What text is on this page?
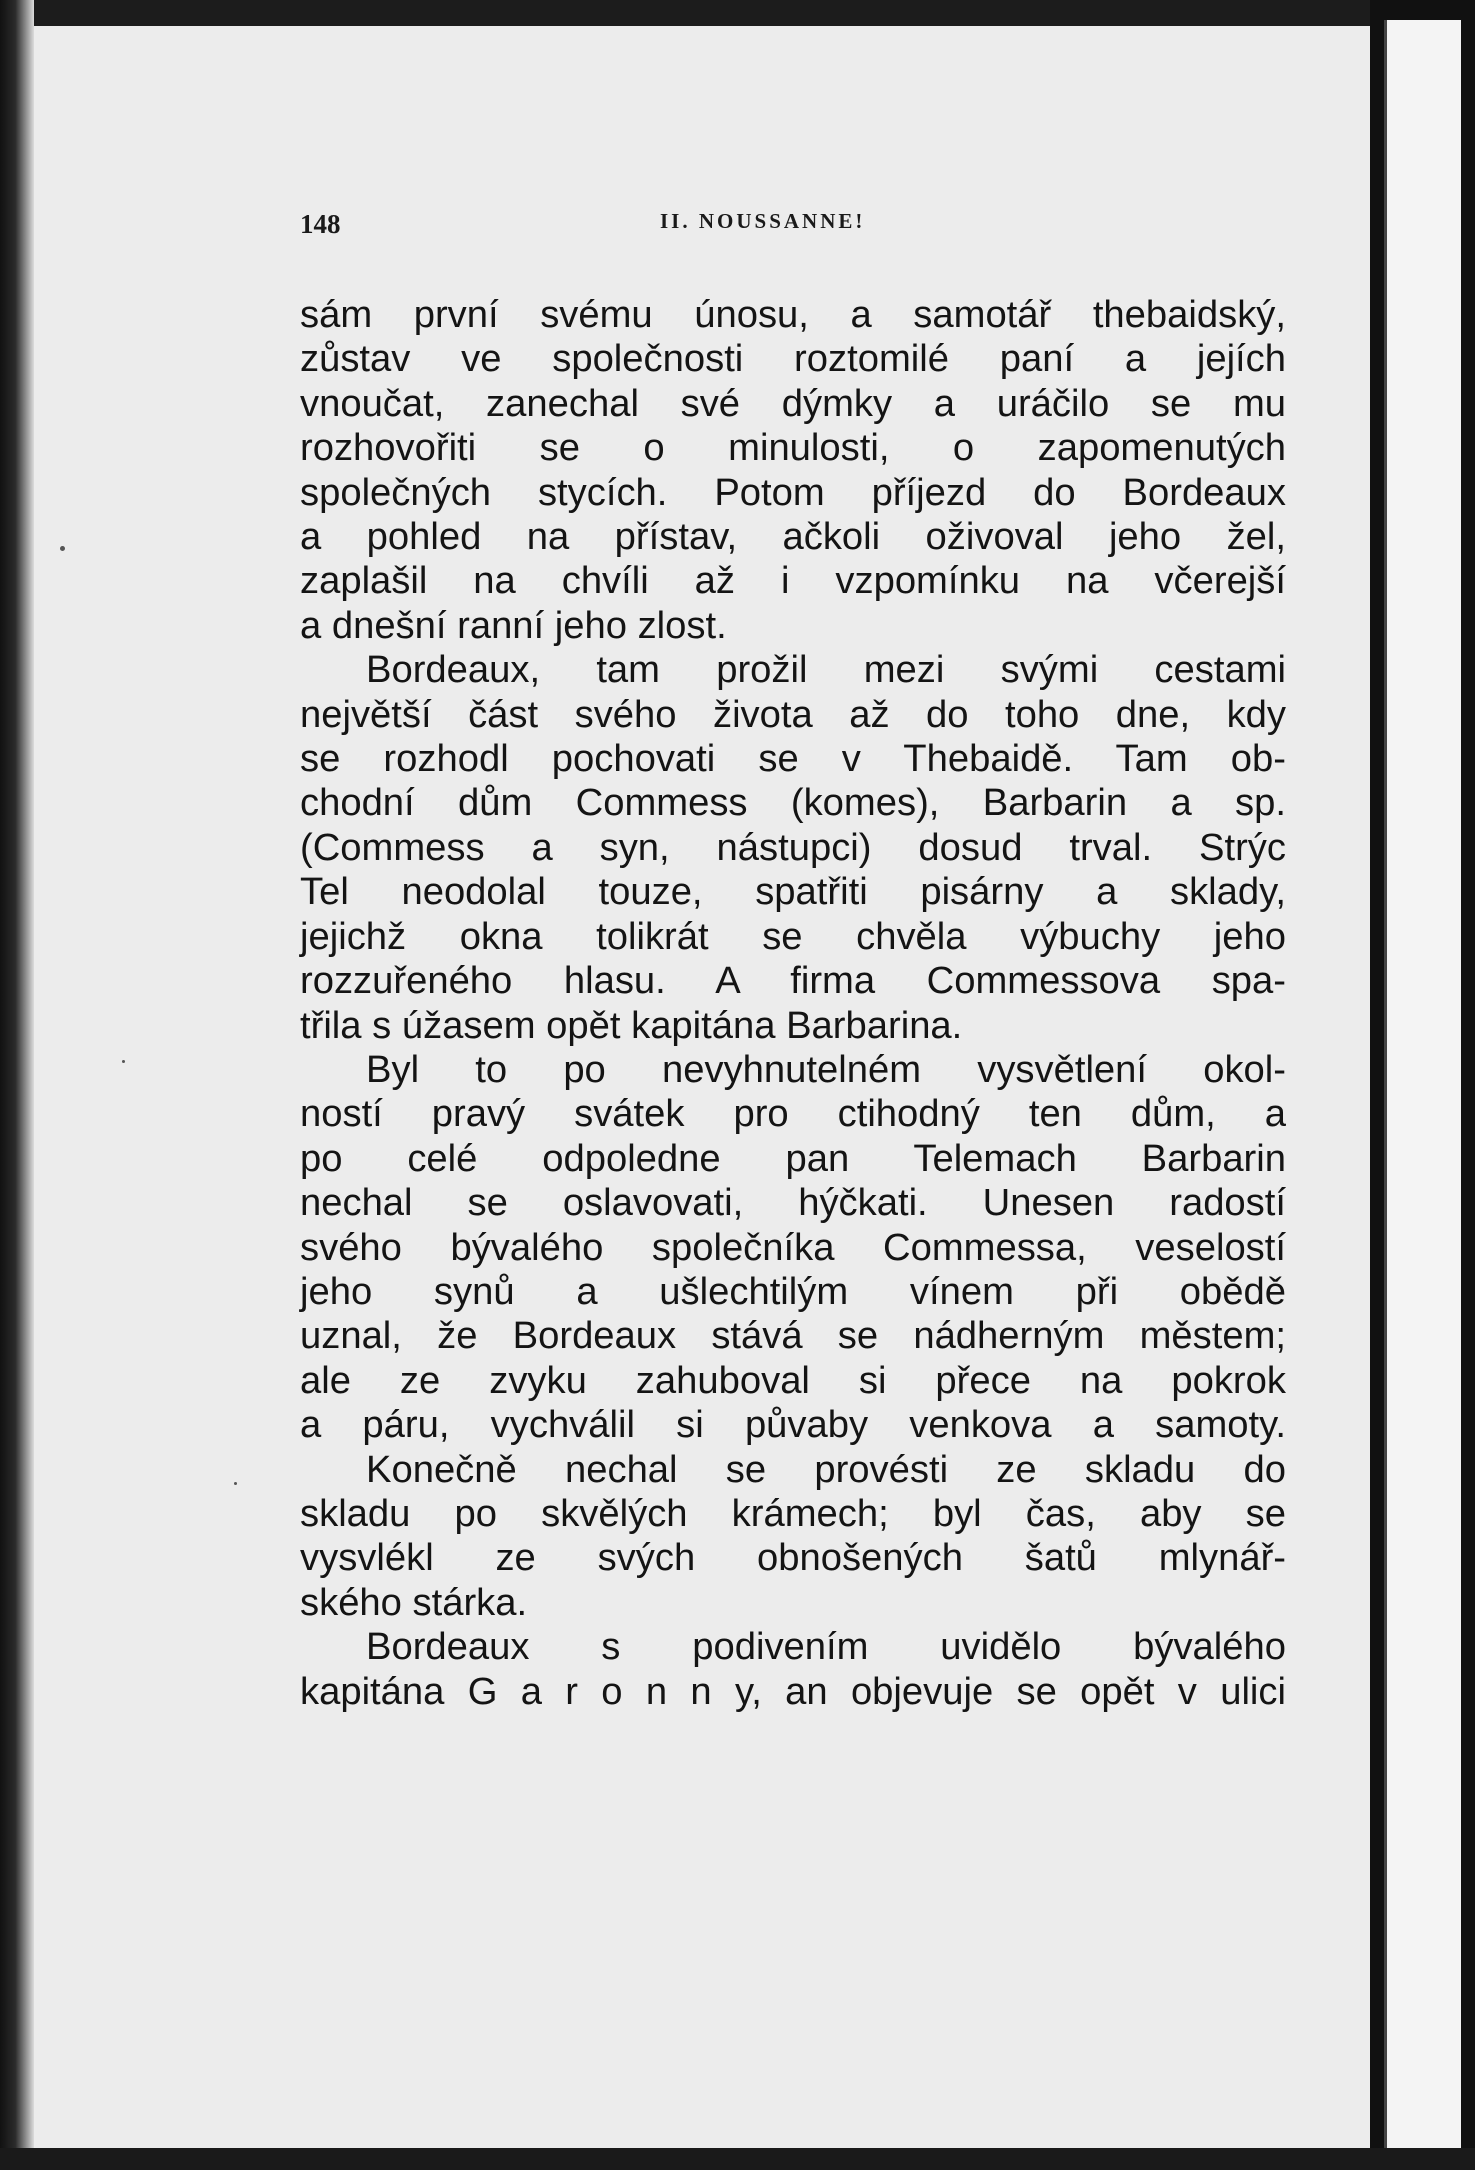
148	II. NOUSSANNE!
sám první svému únosu, a samotář thebaidský,
zůstav ve společnosti roztomilé paní a jejích
vnoučat, zanechal své dýmky a uráčilo se mu
rozhovořiti se o minulosti, o zapomenutých
společných stycích. Potom příjezd do Bordeaux
a pohled na přístav, ačkoli oživoval jeho žel,
zaplašil na chvíli až i vzpomínku na včerejší
a dnešní ranní jeho zlost.
Bordeaux, tam prožil mezi svými cestami
největší část svého života až do toho dne, kdy
se rozhodl pochovati se v Thebaidě. Tam ob-
chodní dům Commess (komes), Barbarin a sp.
(Commess a syn, nástupci) dosud trval. Strýc
Tel neodolal touze, spatřiti pisárny a sklady,
jejichž okna tolikrát se chvěla výbuchy jeho
rozzuřeného hlasu. A firma Commessova spa-
třila s úžasem opět kapitána Barbarina.
Byl to po nevyhnutelném vysvětlení okol-
ností pravý svátek pro ctihodný ten dům, a
po celé odpoledne pan Telemach Barbarin
nechal se oslavovati, hýčkati. Unesen radostí
svého bývalého společníka Commessa, veselostí
jeho synů a ušlechtilým vínem při obědě
uznal, že Bordeaux stává se nádherným městem;
ale ze zvyku zahuboval si přece na pokrok
a páru, vychválil si půvaby venkova a samoty.
Konečně nechal se provésti ze skladu do
skladu po skvělých krámech; byl čas, aby se
vysvlékl ze svých obnošených šatů mlynář-
ského stárka.
Bordeaux s podivením uvidělo bývalého
kapitána G a r o n n y, an objevuje se opět v ulici
